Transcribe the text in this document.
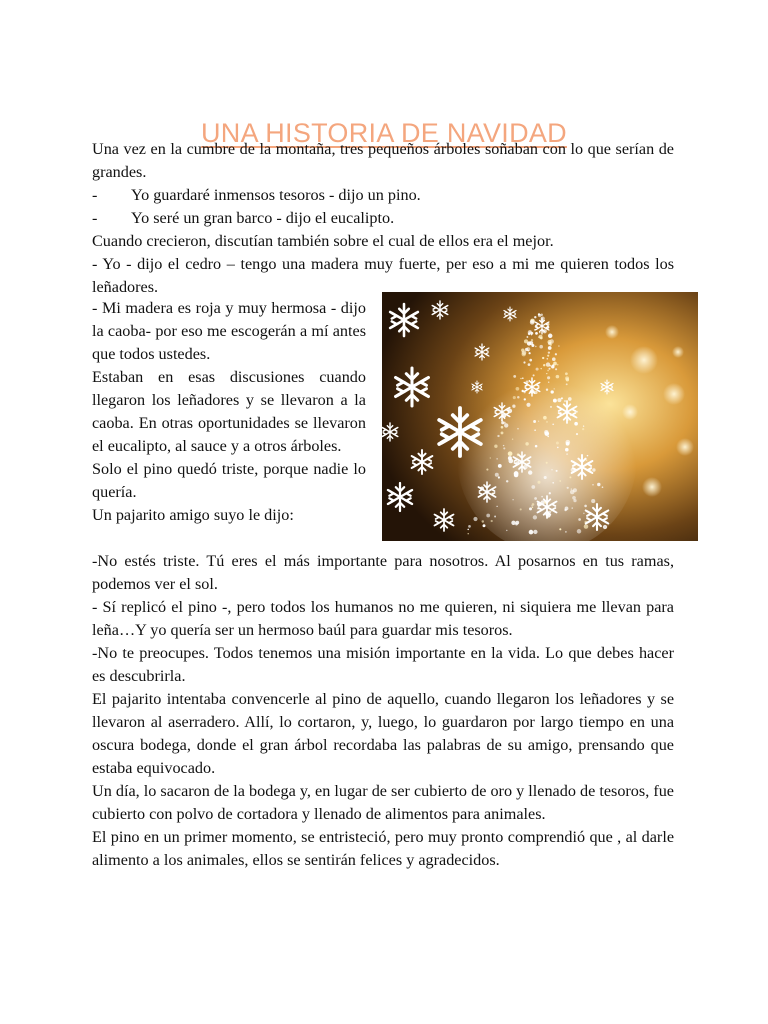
UNA HISTORIA DE NAVIDAD

Una vez en la cumbre de la montaña, tres pequeños árboles soñaban con lo que serían de grandes.

-	Yo guardaré inmensos tesoros - dijo un pino.
-	Yo seré un gran barco - dijo el eucalipto.

Cuando crecieron, discutían también sobre el cual de ellos era el mejor.

- Yo - dijo el cedro – tengo una madera muy fuerte, per eso a mi me quieren todos los leñadores.

- Mi madera es roja y muy hermosa - dijo la caoba- por eso me escogerán a mí antes que todos ustedes.

Estaban en esas discusiones cuando llegaron los leñadores y se llevaron a la caoba. En otras oportunidades se llevaron el eucalipto, al sauce y a otros árboles.

Solo el pino quedó triste, porque nadie lo quería.

Un pajarito amigo suyo le dijo:

-No estés triste. Tú eres el más importante para nosotros. Al posarnos en tus ramas, podemos ver el sol.

- Sí replicó el pino -, pero todos los humanos no me quieren, ni siquiera me llevan para leña…Y yo quería ser un hermoso baúl para guardar mis tesoros.

-No te preocupes. Todos tenemos una misión importante en la vida. Lo que debes hacer es descubrirla.

El pajarito intentaba convencerle al pino de aquello, cuando llegaron los leñadores y se llevaron al aserradero. Allí, lo cortaron, y, luego, lo guardaron por largo tiempo en una oscura bodega, donde el gran árbol recordaba las palabras de su amigo, prensando que estaba equivocado.

Un día, lo sacaron de la bodega y, en lugar de ser cubierto de oro y llenado de tesoros, fue cubierto con polvo de cortadora y llenado de alimentos para animales.

El pino en un primer momento, se entristeció, pero muy pronto comprendió que , al darle alimento a los animales, ellos se sentirán felices y agradecidos.
